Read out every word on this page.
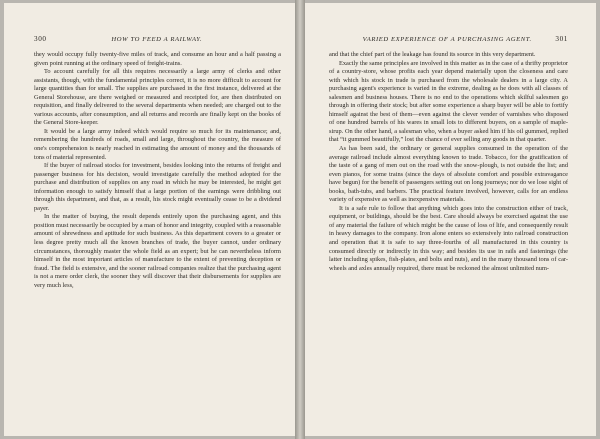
300	HOW TO FEED A RAILWAY.

they would occupy fully twenty-five miles of track, and consume an hour and a half passing a given point running at the ordinary speed of freight-trains.

To account carefully for all this requires necessarily a large army of clerks and other assistants, though, with the fundamental principles correct, it is no more difficult to account for large quantities than for small. The supplies are purchased in the first instance, delivered at the General Storehouse, are there weighed or measured and receipted for, are then distributed on requisition, and finally delivered to the several departments when needed; are charged out to the various accounts, after consumption, and all returns and records are finally kept on the books of the General Store-keeper.

It would be a large army indeed which would require so much for its maintenance; and, remembering the hundreds of roads, small and large, throughout the country, the measure of one's comprehension is nearly reached in estimating the amount of money and the thousands of tons of material represented.

If the buyer of railroad stocks for investment, besides looking into the returns of freight and passenger business for his decision, would investigate carefully the method adopted for the purchase and distribution of supplies on any road in which he may be interested, he might get information enough to satisfy himself that a large portion of the earnings were dribbling out through this department, and that, as a result, his stock might eventually cease to be a dividend payer.

In the matter of buying, the result depends entirely upon the purchasing agent, and this position must necessarily be occupied by a man of honor and integrity, coupled with a reasonable amount of shrewdness and aptitude for such business. As this department covers to a greater or less degree pretty much all the known branches of trade, the buyer cannot, under ordinary circumstances, thoroughly master the whole field as an expert; but he can nevertheless inform himself in the most important articles of manufacture to the extent of preventing deception or fraud. The field is extensive, and the sooner railroad companies realize that the purchasing agent is not a mere order clerk, the sooner they will discover that their disbursements for supplies are very much less,

VARIED EXPERIENCE OF A PURCHASING AGENT.	301

and that the chief part of the leakage has found its source in this very department.

Exactly the same principles are involved in this matter as in the case of a thrifty proprietor of a country-store, whose profits each year depend materially upon the closeness and care with which his stock in trade is purchased from the wholesale dealers in a large city. A purchasing agent's experience is varied in the extreme, dealing as he does with all classes of salesmen and business houses. There is no end to the operations which skilful salesmen go through in offering their stock; but after some experience a sharp buyer will be able to fortify himself against the best of them—even against the clever vender of varnishes who disposed of one hundred barrels of his wares in small lots to different buyers, on a sample of maple-sirup. On the other hand, a salesman who, when a buyer asked him if his oil gummed, replied that “it gummed beautifully,” lost the chance of ever selling any goods in that quarter.

As has been said, the ordinary or general supplies consumed in the operation of the average railroad include almost everything known to trade. Tobacco, for the gratification of the taste of a gang of men out on the road with the snow-plough, is not outside the list; and even pianos, for some trains (since the days of absolute comfort and possible extravagance have begun) for the benefit of passengers setting out on long journeys; nor do we lose sight of books, bath-tubs, and barbers. The practical feature involved, however, calls for an endless variety of expensive as well as inexpensive materials.

It is a safe rule to follow that anything which goes into the construction either of track, equipment, or buildings, should be the best. Care should always be exercised against the use of any material the failure of which might be the cause of loss of life, and consequently result in heavy damages to the company. Iron alone enters so extensively into railroad construction and operation that it is safe to say three-fourths of all manufactured in this country is consumed directly or indirectly in this way; and besides its use in rails and fastenings (the latter including spikes, fish-plates, and bolts and nuts), and in the many thousand tons of car-wheels and axles annually required, there must be reckoned the almost unlimited num-
